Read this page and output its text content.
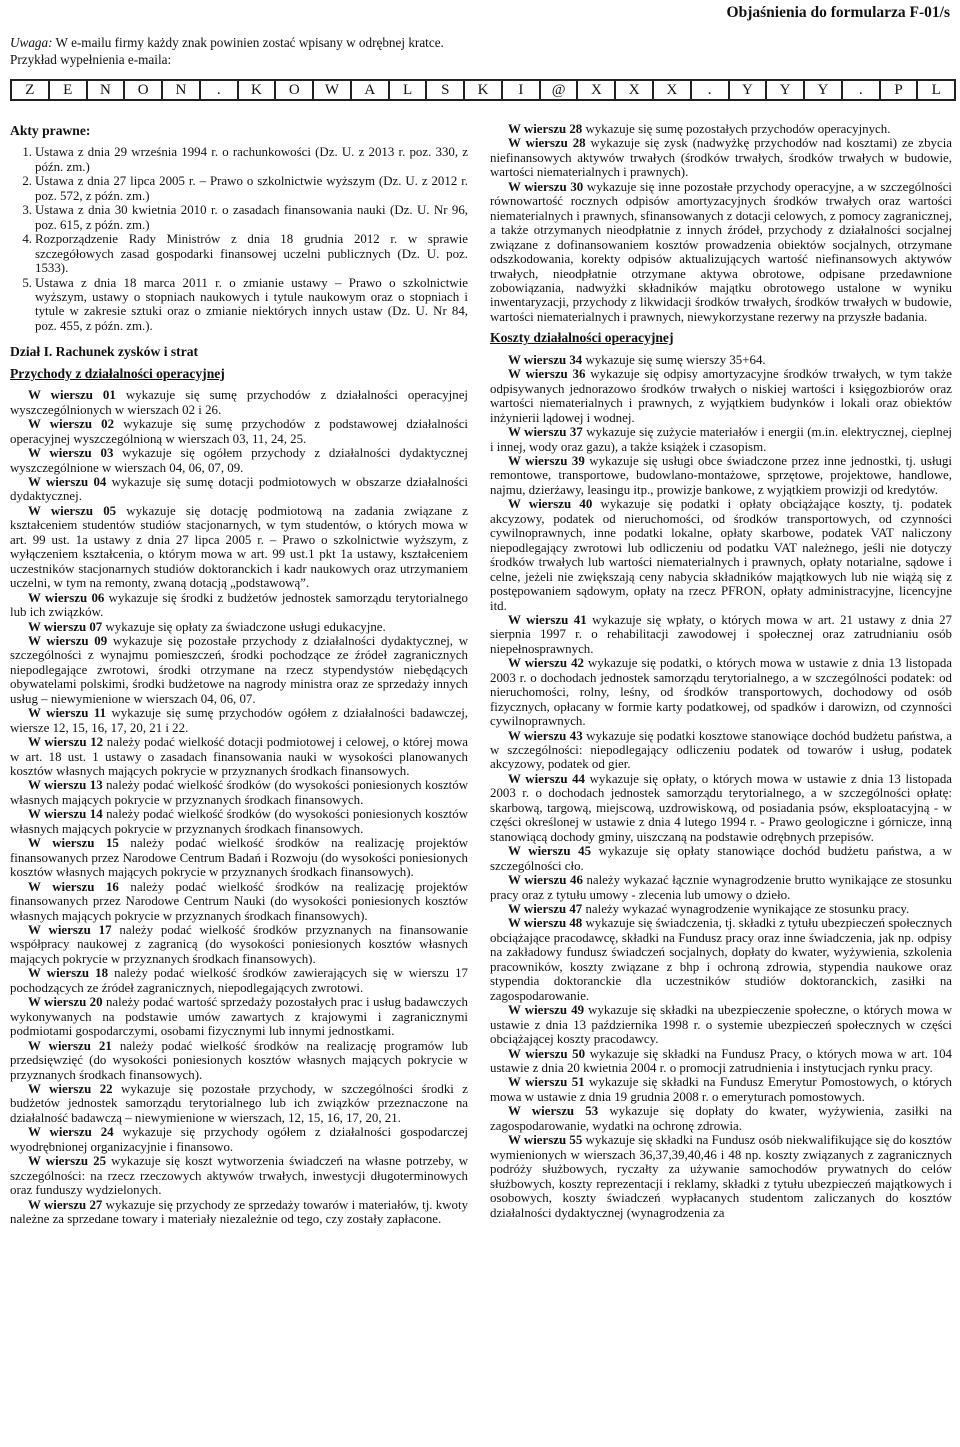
Objaśnienia do formularza F-01/s
Uwaga: W e-mailu firmy każdy znak powinien zostać wpisany w odrębnej kratce.
Przykład wypełnienia e-maila:
Z	E	N	O	N	.	K	O	W	A	L	S	K	I	@	X	X	X	.	Y	Y	Y	.	P	L
Akty prawne:
1. Ustawa z dnia 29 września 1994 r. o rachunkowości (Dz. U. z 2013 r. poz. 330, z późn. zm.)
2. Ustawa z dnia 27 lipca 2005 r. – Prawo o szkolnictwie wyższym (Dz. U. z 2012 r. poz. 572, z późn. zm.)
3. Ustawa z dnia 30 kwietnia 2010 r. o zasadach finansowania nauki (Dz. U. Nr 96, poz. 615, z późn. zm.)
4. Rozporządzenie Rady Ministrów z dnia 18 grudnia 2012 r. w sprawie szczegółowych zasad gospodarki finansowej uczelni publicznych (Dz. U. poz. 1533).
5. Ustawa z dnia 18 marca 2011 r. o zmianie ustawy – Prawo o szkolnictwie wyższym, ustawy o stopniach naukowych i tytule naukowym oraz o stopniach i tytule w zakresie sztuki oraz o zmianie niektórych innych ustaw (Dz. U. Nr 84, poz. 455, z późn. zm.).
Dział I. Rachunek zysków i strat
Przychody z działalności operacyjnej

W wierszu 01 wykazuje się sumę przychodów z działalności operacyjnej wyszczególnionych w wierszach 02 i 26.

W wierszu 02 wykazuje się sumę przychodów z podstawowej działalności operacyjnej wyszczególnioną w wierszach 03, 11, 24, 25.

W wierszu 03 wykazuje się ogółem przychody z działalności dydaktycznej wyszczególnione w wierszach 04, 06, 07, 09.

W wierszu 04 wykazuje się sumę dotacji podmiotowych w obszarze działalności dydaktycznej.

W wierszu 05 wykazuje się dotację podmiotową na zadania związane z kształceniem studentów studiów stacjonarnych, w tym studentów, o których mowa w art. 99 ust. 1a ustawy z dnia 27 lipca 2005 r. – Prawo o szkolnictwie wyższym, z wyłączeniem kształcenia, o którym mowa w art. 99 ust.1 pkt 1a ustawy, kształceniem uczestników stacjonarnych studiów doktoranckich i kadr naukowych oraz utrzymaniem uczelni, w tym na remonty, zwaną dotacją „podstawową”.

W wierszu 06 wykazuje się środki z budżetów jednostek samorządu terytorialnego lub ich związków.

W wierszu 07 wykazuje się opłaty za świadczone usługi edukacyjne.

W wierszu 09 wykazuje się pozostałe przychody z działalności dydaktycznej, w szczególności z wynajmu pomieszczeń, środki pochodzące ze źródeł zagranicznych niepodlegające zwrotowi, środki otrzymane na rzecz stypendystów niebędących obywatelami polskimi, środki budżetowe na nagrody ministra oraz ze sprzedaży innych usług – niewymienione w wierszach 04, 06, 07.

W wierszu 11 wykazuje się sumę przychodów ogółem z działalności badawczej, wiersze 12, 15, 16, 17, 20, 21 i 22.

W wierszu 12 należy podać wielkość dotacji podmiotowej i celowej, o której mowa w art. 18 ust. 1 ustawy o zasadach finansowania nauki w wysokości planowanych kosztów własnych mających pokrycie w przyznanych środkach finansowych.

W wierszu 13 należy podać wielkość środków (do wysokości poniesionych kosztów własnych mających pokrycie w przyznanych środkach finansowych.

W wierszu 14 należy podać wielkość środków (do wysokości poniesionych kosztów własnych mających pokrycie w przyznanych środkach finansowych.

W wierszu 15 należy podać wielkość środków na realizację projektów finansowanych przez Narodowe Centrum Badań i Rozwoju (do wysokości poniesionych kosztów własnych mających pokrycie w przyznanych środkach finansowych).

W wierszu 16 należy podać wielkość środków na realizację projektów finansowanych przez Narodowe Centrum Nauki (do wysokości poniesionych kosztów własnych mających pokrycie w przyznanych środkach finansowych).

W wierszu 17 należy podać wielkość środków przyznanych na finansowanie współpracy naukowej z zagranicą (do wysokości poniesionych kosztów własnych mających pokrycie w przyznanych środkach finansowych).

W wierszu 18 należy podać wielkość środków zawierających się w wierszu 17 pochodzących ze źródeł zagranicznych, niepodlegających zwrotowi.

W wierszu 20 należy podać wartość sprzedaży pozostałych prac i usług badawczych wykonywanych na podstawie umów zawartych z krajowymi i zagranicznymi podmiotami gospodarczymi, osobami fizycznymi lub innymi jednostkami.

W wierszu 21 należy podać wielkość środków na realizację programów lub przedsięwzięć (do wysokości poniesionych kosztów własnych mających pokrycie w przyznanych środkach finansowych).

W wierszu 22 wykazuje się pozostałe przychody, w szczególności środki z budżetów jednostek samorządu terytorialnego lub ich związków przeznaczone na działalność badawczą – niewymienione w wierszach, 12, 15, 16, 17, 20, 21.

W wierszu 24 wykazuje się przychody ogółem z działalności gospodarczej wyodrębnionej organizacyjnie i finansowo.

W wierszu 25 wykazuje się koszt wytworzenia świadczeń na własne potrzeby, w szczególności: na rzecz rzeczowych aktywów trwałych, inwestycji długoterminowych oraz funduszy wydzielonych.

W wierszu 27 wykazuje się przychody ze sprzedaży towarów i materiałów, tj. kwoty należne za sprzedane towary i materiały niezależnie od tego, czy zostały zapłacone.

W wierszu 28 wykazuje się sumę pozostałych przychodów operacyjnych.

W wierszu 28 wykazuje się zysk (nadwyżkę przychodów nad kosztami) ze zbycia niefinansowych aktywów trwałych (środków trwałych, środków trwałych w budowie, wartości niematerialnych i prawnych).

W wierszu 30 wykazuje się inne pozostałe przychody operacyjne, a w szczególności równowartość rocznych odpisów amortyzacyjnych środków trwałych oraz wartości niematerialnych i prawnych, sfinansowanych z dotacji celowych, z pomocy zagranicznej, a także otrzymanych nieodpłatnie z innych źródeł, przychody z działalności socjalnej związane z dofinansowaniem kosztów prowadzenia obiektów socjalnych, otrzymane odszkodowania, korekty odpisów aktualizujących wartość niefinansowych aktywów trwałych, nieodpłatnie otrzymane aktywa obrotowe, odpisane przedawnione zobowiązania, nadwyżki składników majątku obrotowego ustalone w wyniku inwentaryzacji, przychody z likwidacji środków trwałych, środków trwałych w budowie, wartości niematerialnych i prawnych, niewykorzystane rezerwy na przyszłe badania.

Koszty działalności operacyjnej

W wierszu 34 wykazuje się sumę wierszy 35+64.

W wierszu 36 wykazuje się odpisy amortyzacyjne środków trwałych, w tym także odpisywanych jednorazowo środków trwałych o niskiej wartości i księgozbiorów oraz wartości niematerialnych i prawnych, z wyjątkiem budynków i lokali oraz obiektów inżynierii lądowej i wodnej.

W wierszu 37 wykazuje się zużycie materiałów i energii (m.in. elektrycznej, cieplnej i innej, wody oraz gazu), a także książek i czasopism.

W wierszu 39 wykazuje się usługi obce świadczone przez inne jednostki, tj. usługi remontowe, transportowe, budowlano-montażowe, sprzętowe, projektowe, handlowe, najmu, dzierżawy, leasingu itp., prowizje bankowe, z wyjątkiem prowizji od kredytów.

W wierszu 40 wykazuje się podatki i opłaty obciążające koszty, tj. podatek akcyzowy, podatek od nieruchomości, od środków transportowych, od czynności cywilnoprawnych, inne podatki lokalne, opłaty skarbowe, podatek VAT naliczony niepodlegający zwrotowi lub odliczeniu od podatku VAT należnego, jeśli nie dotyczy środków trwałych lub wartości niematerialnych i prawnych, opłaty notarialne, sądowe i celne, jeżeli nie zwiększają ceny nabycia składników majątkowych lub nie wiążą się z postępowaniem sądowym, opłaty na rzecz PFRON, opłaty administracyjne, licencyjne itd.

W wierszu 41 wykazuje się wpłaty, o których mowa w art. 21 ustawy z dnia 27 sierpnia 1997 r. o rehabilitacji zawodowej i społecznej oraz zatrudnianiu osób niepełnosprawnych.

W wierszu 42 wykazuje się podatki, o których mowa w ustawie z dnia 13 listopada 2003 r. o dochodach jednostek samorządu terytorialnego, a w szczególności podatek: od nieruchomości, rolny, leśny, od środków transportowych, dochodowy od osób fizycznych, opłacany w formie karty podatkowej, od spadków i darowizn, od czynności cywilnoprawnych.

W wierszu 43 wykazuje się podatki kosztowe stanowiące dochód budżetu państwa, a w szczególności: niepodlegający odliczeniu podatek od towarów i usług, podatek akcyzowy, podatek od gier.

W wierszu 44 wykazuje się opłaty, o których mowa w ustawie z dnia 13 listopada 2003 r. o dochodach jednostek samorządu terytorialnego, a w szczególności opłatę: skarbową, targową, miejscową, uzdrowiskową, od posiadania psów, eksploatacyjną - w części określonej w ustawie z dnia 4 lutego 1994 r. - Prawo geologiczne i górnicze, inną stanowiącą dochody gminy, uiszczaną na podstawie odrębnych przepisów.

W wierszu 45 wykazuje się opłaty stanowiące dochód budżetu państwa, a w szczególności cło.

W wierszu 46 należy wykazać łącznie wynagrodzenie brutto wynikające ze stosunku pracy oraz z tytułu umowy - zlecenia lub umowy o dzieło.

W wierszu 47 należy wykazać wynagrodzenie wynikające ze stosunku pracy.

W wierszu 48 wykazuje się świadczenia, tj. składki z tytułu ubezpieczeń społecznych obciążające pracodawcę, składki na Fundusz pracy oraz inne świadczenia, jak np. odpisy na zakładowy fundusz świadczeń socjalnych, dopłaty do kwater, wyżywienia, szkolenia pracowników, koszty związane z bhp i ochroną zdrowia, stypendia naukowe oraz stypendia doktoranckie dla uczestników studiów doktoranckich, zasiłki na zagospodarowanie.

W wierszu 49 wykazuje się składki na ubezpieczenie społeczne, o których mowa w ustawie z dnia 13 października 1998 r. o systemie ubezpieczeń społecznych w części obciążającej koszty pracodawcy.

W wierszu 50 wykazuje się składki na Fundusz Pracy, o których mowa w art. 104 ustawie z dnia 20 kwietnia 2004 r. o promocji zatrudnienia i instytucjach rynku pracy.

W wierszu 51 wykazuje się składki na Fundusz Emerytur Pomostowych, o których mowa w ustawie z dnia 19 grudnia 2008 r. o emeryturach pomostowych.

W wierszu 53 wykazuje się dopłaty do kwater, wyżywienia, zasiłki na zagospodarowanie, wydatki na ochronę zdrowia.

W wierszu 55 wykazuje się składki na Fundusz osób niekwalifikujące się do kosztów wymienionych w wierszach 36,37,39,40,46 i 48 np. koszty związanych z zagranicznych podróży służbowych, ryczałty za używanie samochodów prywatnych do celów służbowych, koszty reprezentacji i reklamy, składki z tytułu ubezpieczeń majątkowych i osobowych, koszty świadczeń wypłacanych studentom zaliczanych do kosztów działalności dydaktycznej (wynagrodzenia za
